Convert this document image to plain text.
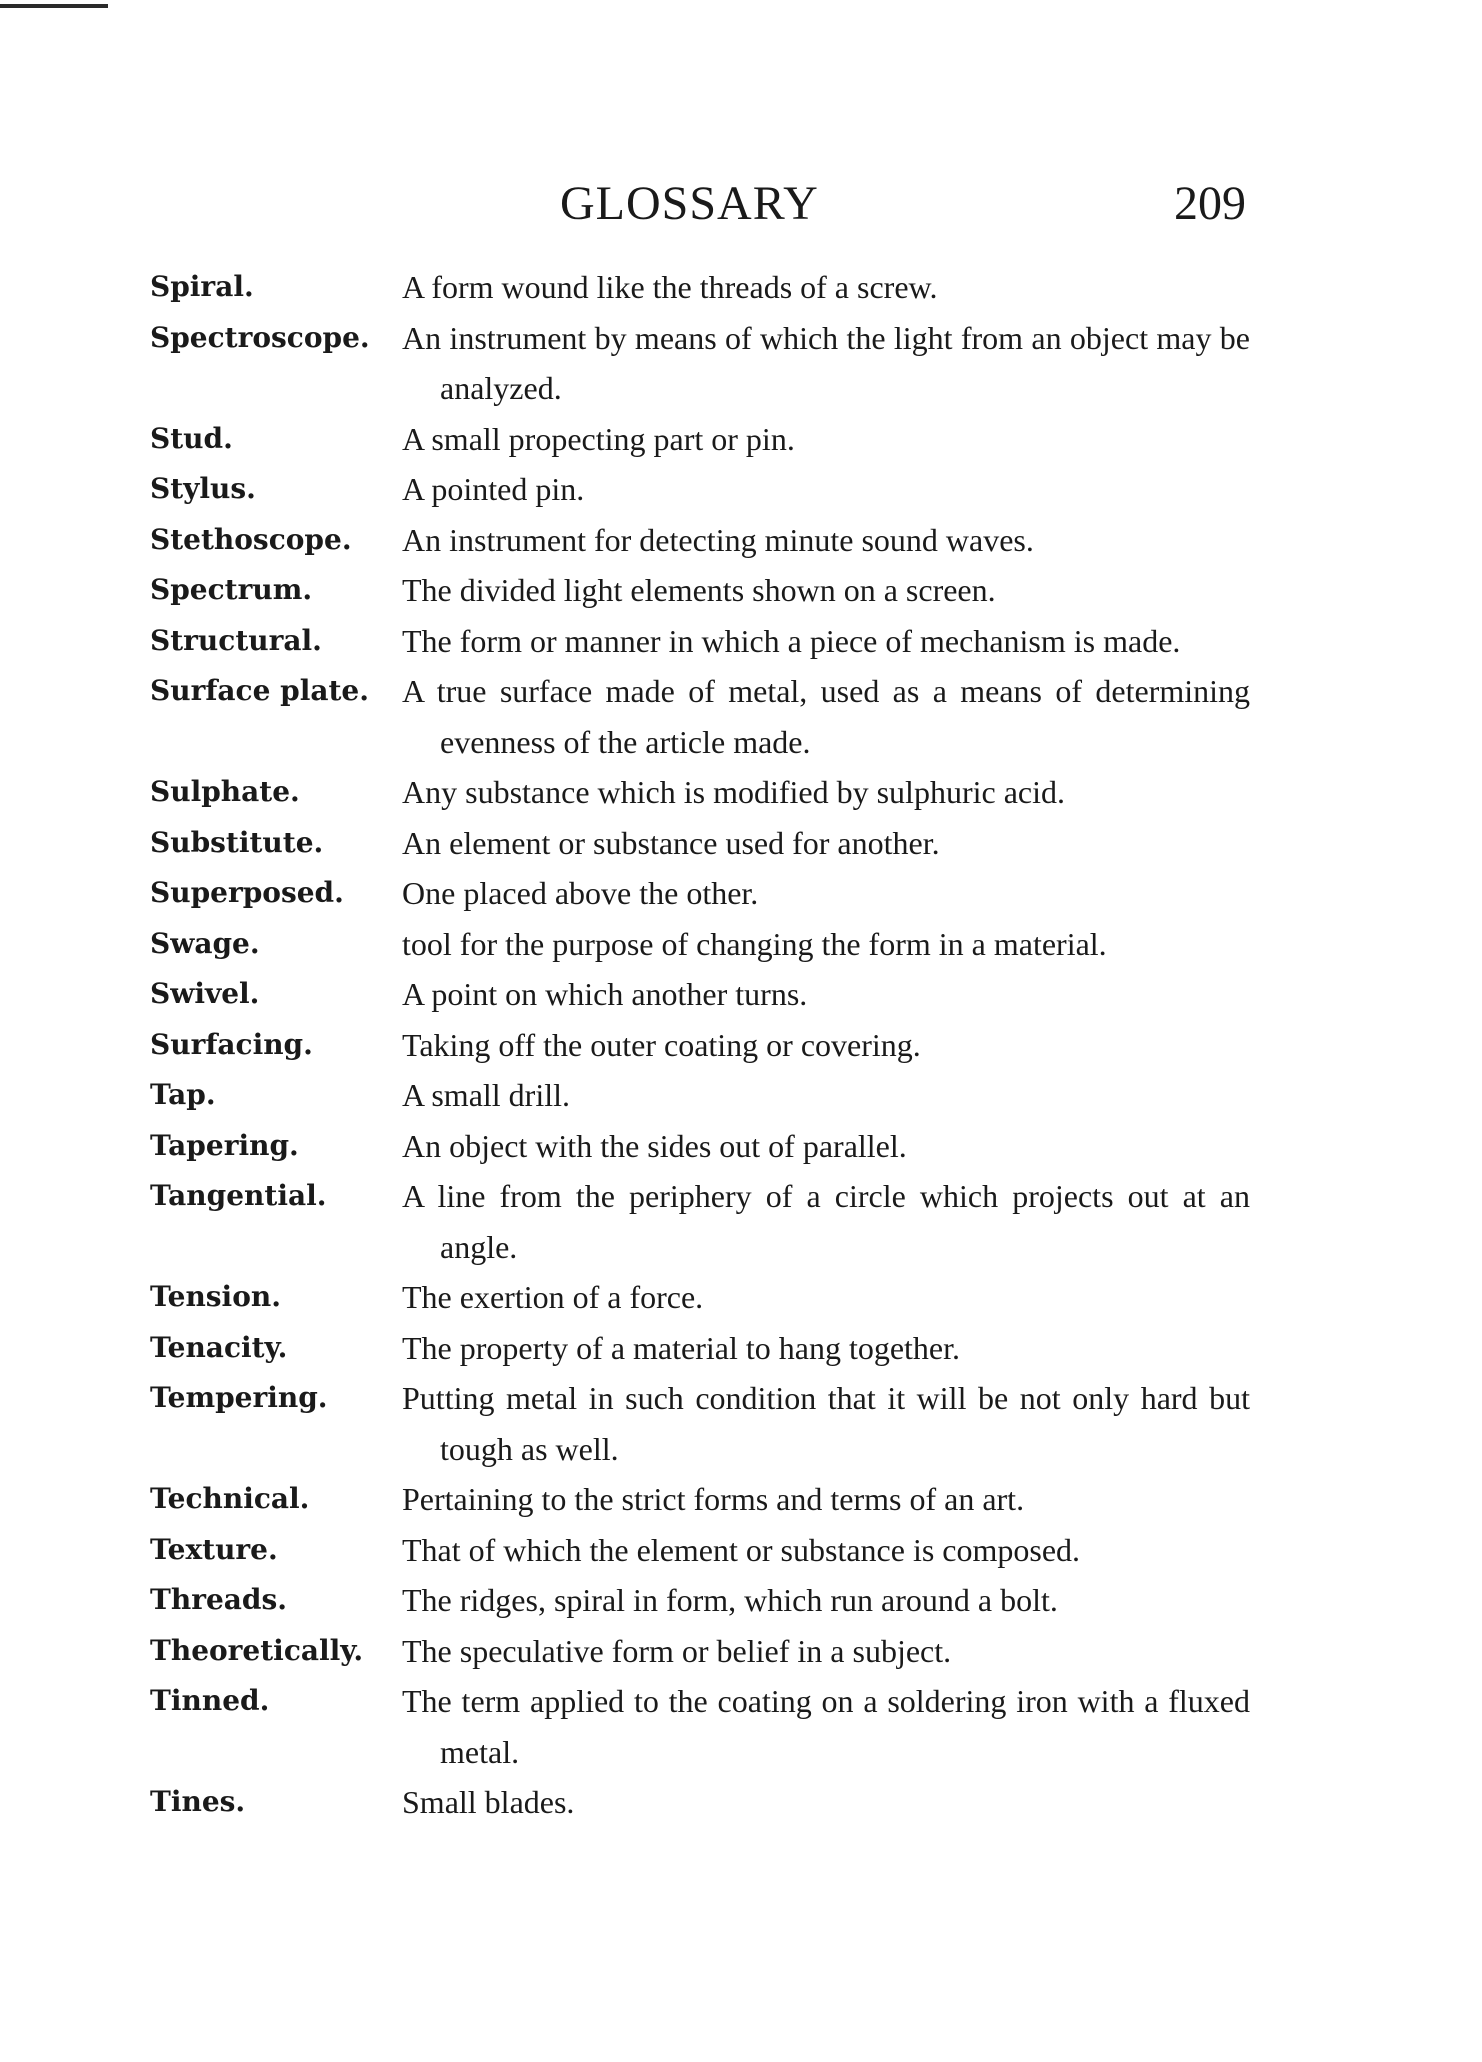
GLOSSARY	209
Spiral.	A form wound like the threads of a screw.
Spectroscope.	An instrument by means of which the light from an object may be analyzed.
Stud.	A small propecting part or pin.
Stylus.	A pointed pin.
Stethoscope.	An instrument for detecting minute sound waves.
Spectrum.	The divided light elements shown on a screen.
Structural.	The form or manner in which a piece of mechanism is made.
Surface plate.	A true surface made of metal, used as a means of determining evenness of the article made.
Sulphate.	Any substance which is modified by sulphuric acid.
Substitute.	An element or substance used for another.
Superposed.	One placed above the other.
Swage.	tool for the purpose of changing the form in a material.
Swivel.	A point on which another turns.
Surfacing.	Taking off the outer coating or covering.
Tap.	A small drill.
Tapering.	An object with the sides out of parallel.
Tangential.	A line from the periphery of a circle which projects out at an angle.
Tension.	The exertion of a force.
Tenacity.	The property of a material to hang together.
Tempering.	Putting metal in such condition that it will be not only hard but tough as well.
Technical.	Pertaining to the strict forms and terms of an art.
Texture.	That of which the element or substance is composed.
Threads.	The ridges, spiral in form, which run around a bolt.
Theoretically.	The speculative form or belief in a subject.
Tinned.	The term applied to the coating on a soldering iron with a fluxed metal.
Tines.	Small blades.
